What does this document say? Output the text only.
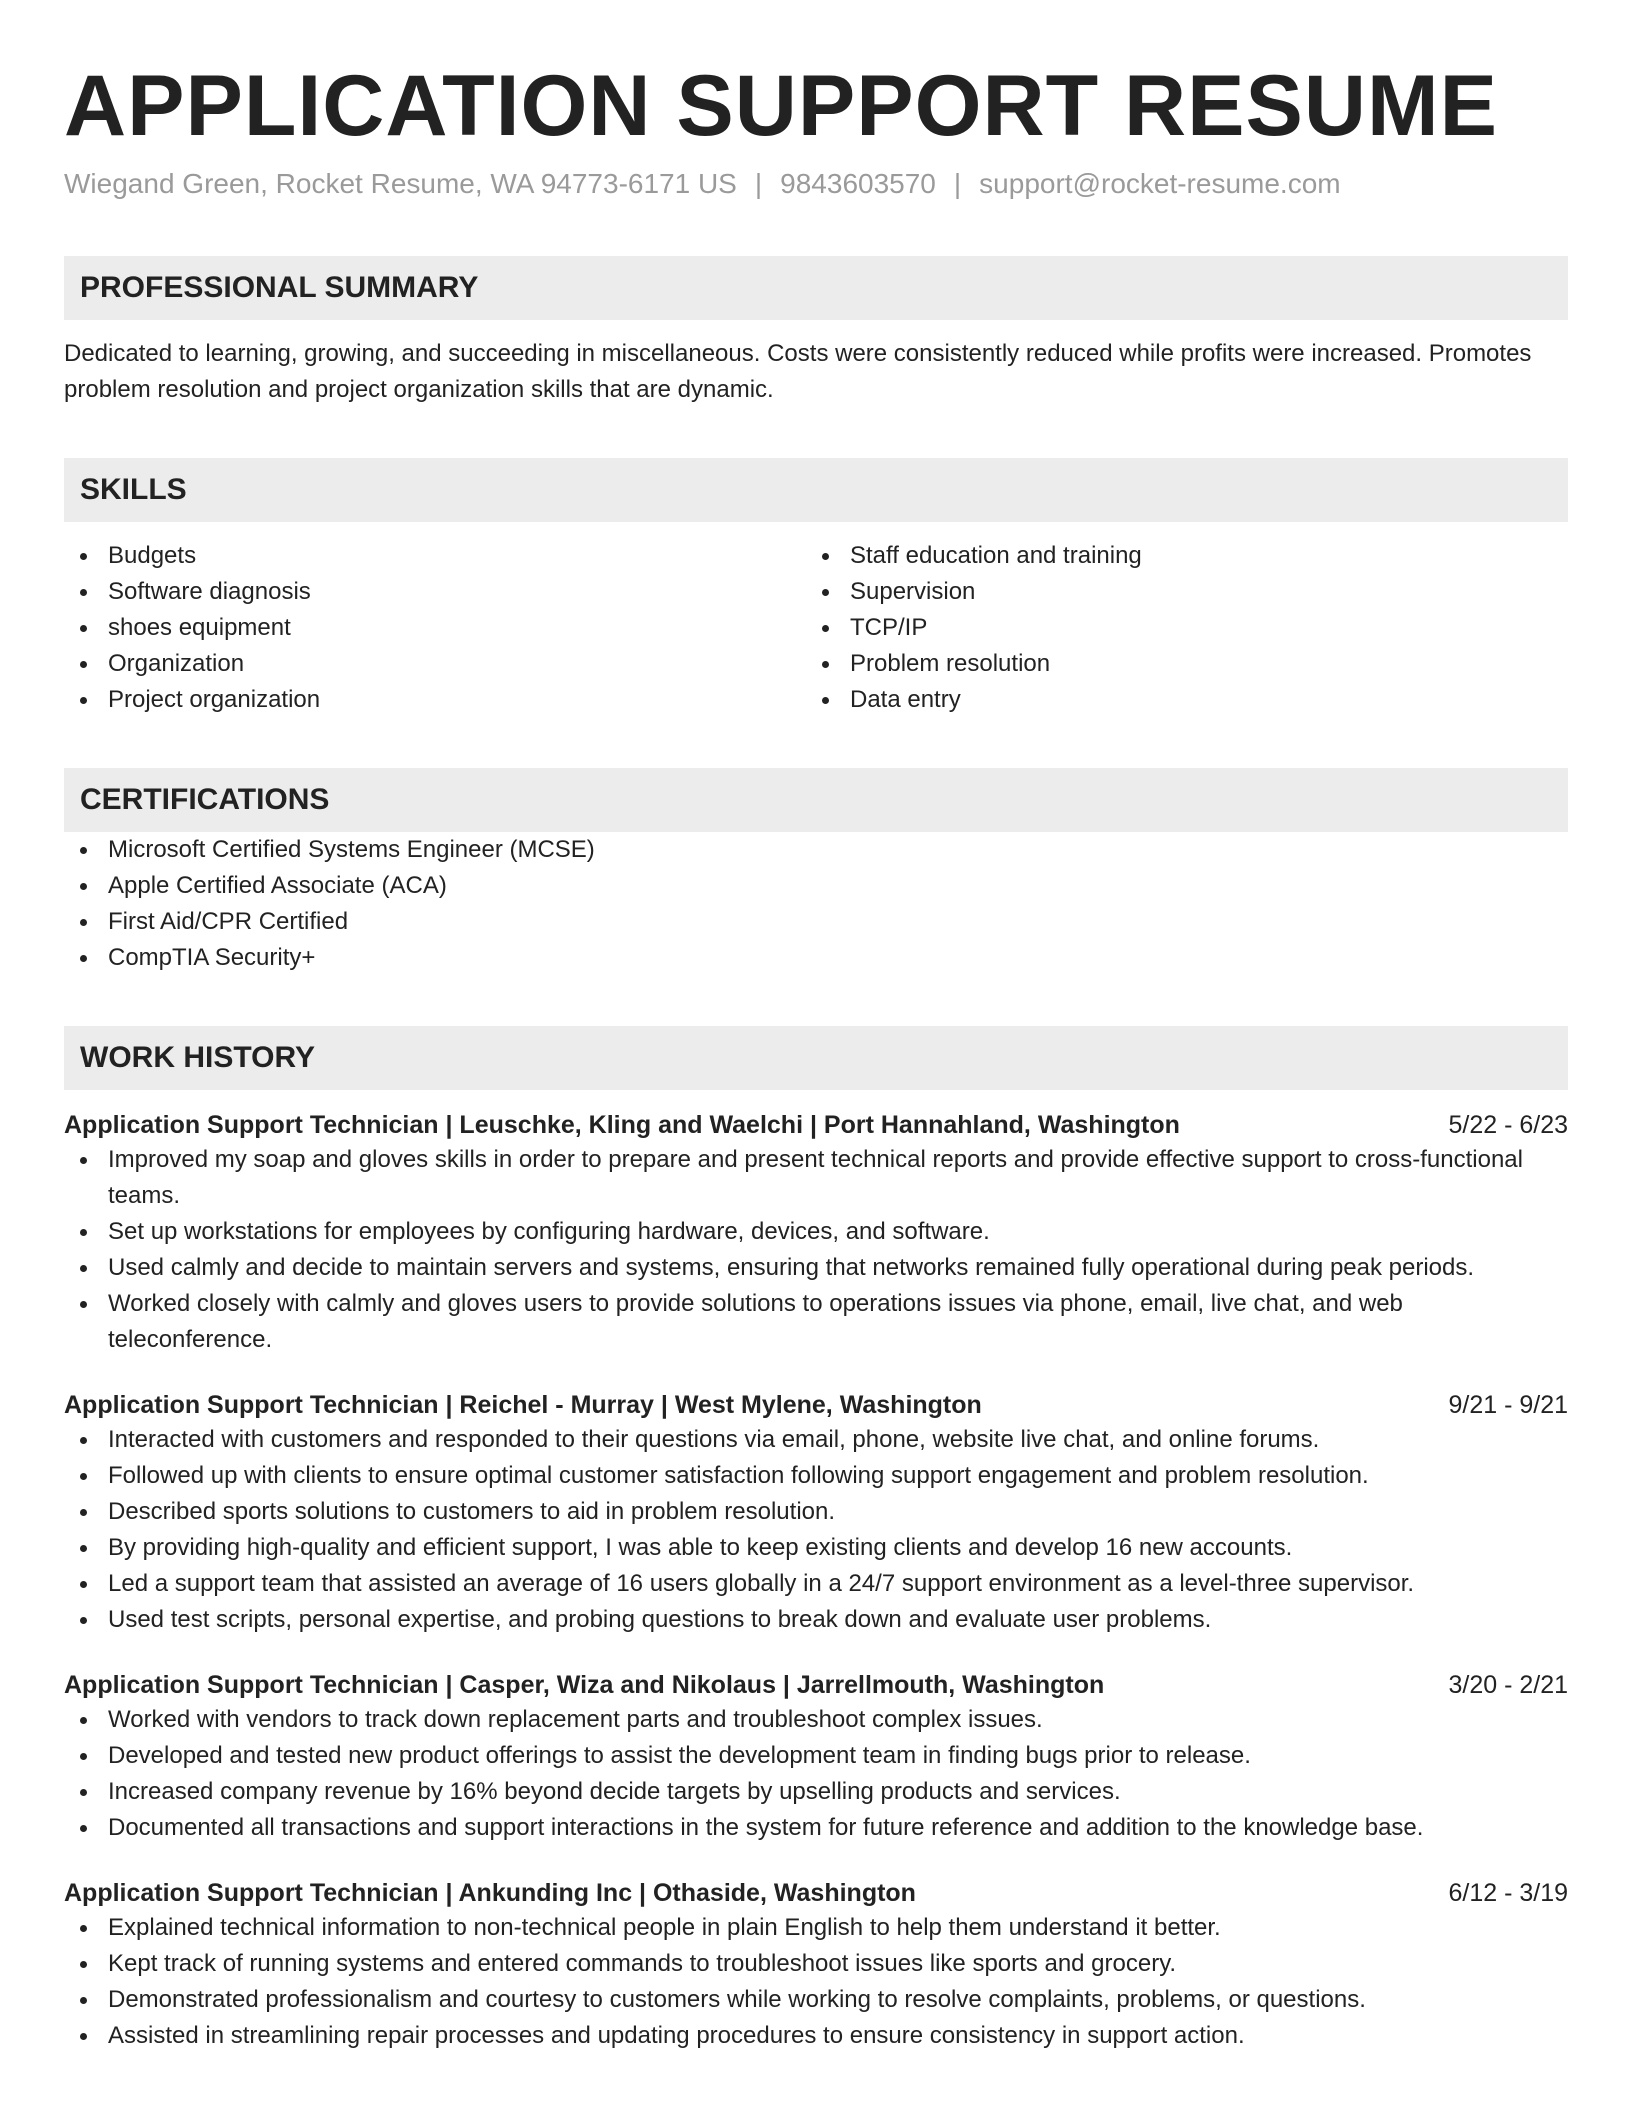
APPLICATION SUPPORT RESUME
Wiegand Green, Rocket Resume, WA 94773-6171 US | 9843603570 | support@rocket-resume.com
PROFESSIONAL SUMMARY
Dedicated to learning, growing, and succeeding in miscellaneous. Costs were consistently reduced while profits were increased. Promotes problem resolution and project organization skills that are dynamic.
SKILLS
Budgets
Software diagnosis
shoes equipment
Organization
Project organization
Staff education and training
Supervision
TCP/IP
Problem resolution
Data entry
CERTIFICATIONS
Microsoft Certified Systems Engineer (MCSE)
Apple Certified Associate (ACA)
First Aid/CPR Certified
CompTIA Security+
WORK HISTORY
Application Support Technician | Leuschke, Kling and Waelchi | Port Hannahland, Washington	5/22 - 6/23
Improved my soap and gloves skills in order to prepare and present technical reports and provide effective support to cross-functional teams.
Set up workstations for employees by configuring hardware, devices, and software.
Used calmly and decide to maintain servers and systems, ensuring that networks remained fully operational during peak periods.
Worked closely with calmly and gloves users to provide solutions to operations issues via phone, email, live chat, and web teleconference.
Application Support Technician | Reichel - Murray | West Mylene, Washington	9/21 - 9/21
Interacted with customers and responded to their questions via email, phone, website live chat, and online forums.
Followed up with clients to ensure optimal customer satisfaction following support engagement and problem resolution.
Described sports solutions to customers to aid in problem resolution.
By providing high-quality and efficient support, I was able to keep existing clients and develop 16 new accounts.
Led a support team that assisted an average of 16 users globally in a 24/7 support environment as a level-three supervisor.
Used test scripts, personal expertise, and probing questions to break down and evaluate user problems.
Application Support Technician | Casper, Wiza and Nikolaus | Jarrellmouth, Washington	3/20 - 2/21
Worked with vendors to track down replacement parts and troubleshoot complex issues.
Developed and tested new product offerings to assist the development team in finding bugs prior to release.
Increased company revenue by 16% beyond decide targets by upselling products and services.
Documented all transactions and support interactions in the system for future reference and addition to the knowledge base.
Application Support Technician | Ankunding Inc | Othaside, Washington	6/12 - 3/19
Explained technical information to non-technical people in plain English to help them understand it better.
Kept track of running systems and entered commands to troubleshoot issues like sports and grocery.
Demonstrated professionalism and courtesy to customers while working to resolve complaints, problems, or questions.
Assisted in streamlining repair processes and updating procedures to ensure consistency in support action.
